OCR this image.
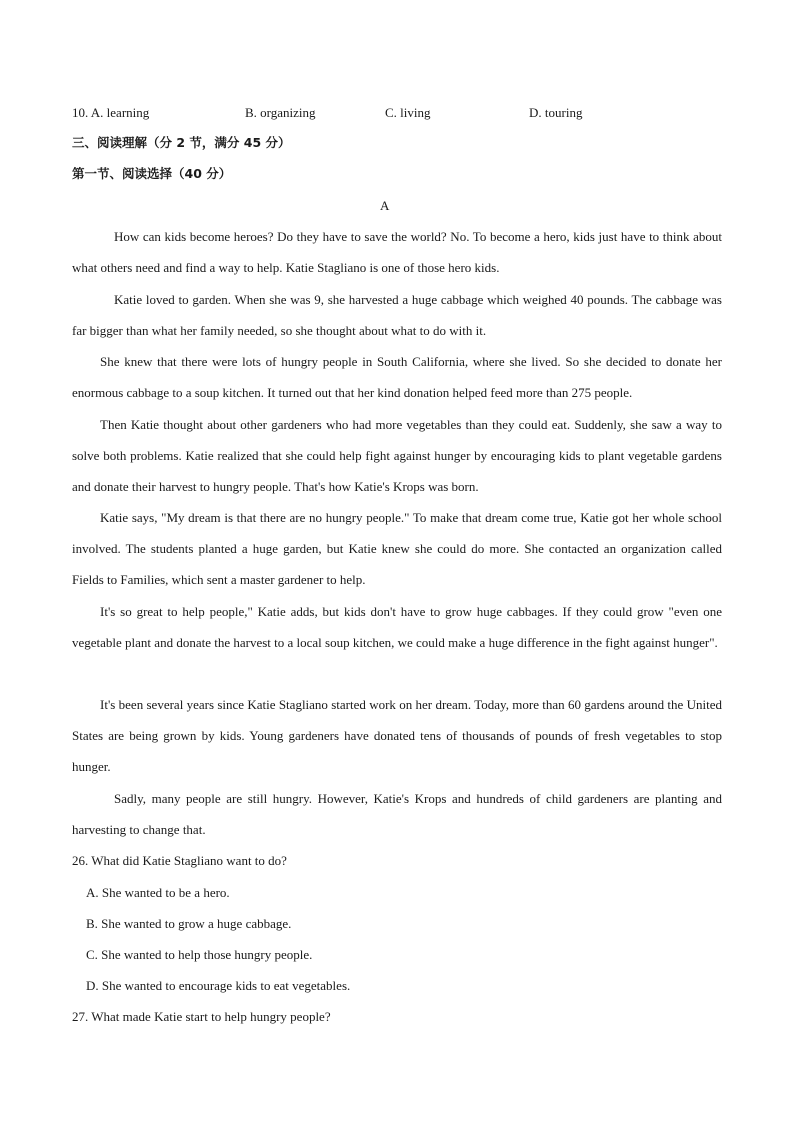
10. A. learning	B. organizing	C. living	D. touring
三、阅读理解（分 2 节，满分 45 分）
第一节、阅读选择（40 分）
A

How can kids become heroes? Do they have to save the world? No. To become a hero, kids just have to think about what others need and find a way to help. Katie Stagliano is one of those hero kids.

Katie loved to garden. When she was 9, she harvested a huge cabbage which weighed 40 pounds. The cabbage was far bigger than what her family needed, so she thought about what to do with it.

She knew that there were lots of hungry people in South California, where she lived. So she decided to donate her enormous cabbage to a soup kitchen. It turned out that her kind donation helped feed more than 275 people.

Then Katie thought about other gardeners who had more vegetables than they could eat. Suddenly, she saw a way to solve both problems. Katie realized that she could help fight against hunger by encouraging kids to plant vegetable gardens and donate their harvest to hungry people. That's how Katie's Krops was born.

Katie says, "My dream is that there are no hungry people." To make that dream come true, Katie got her whole school involved. The students planted a huge garden, but Katie knew she could do more. She contacted an organization called Fields to Families, which sent a master gardener to help.

It's so great to help people," Katie adds, but kids don't have to grow huge cabbages. If they could grow "even one vegetable plant and donate the harvest to a local soup kitchen, we could make a huge difference in the fight against hunger".

It's been several years since Katie Stagliano started work on her dream. Today, more than 60 gardens around the United States are being grown by kids. Young gardeners have donated tens of thousands of pounds of fresh vegetables to stop hunger.

Sadly, many people are still hungry. However, Katie's Krops and hundreds of child gardeners are planting and harvesting to change that.

26. What did Katie Stagliano want to do?
A. She wanted to be a hero.
B. She wanted to grow a huge cabbage.
C. She wanted to help those hungry people.
D. She wanted to encourage kids to eat vegetables.
27. What made Katie start to help hungry people?
